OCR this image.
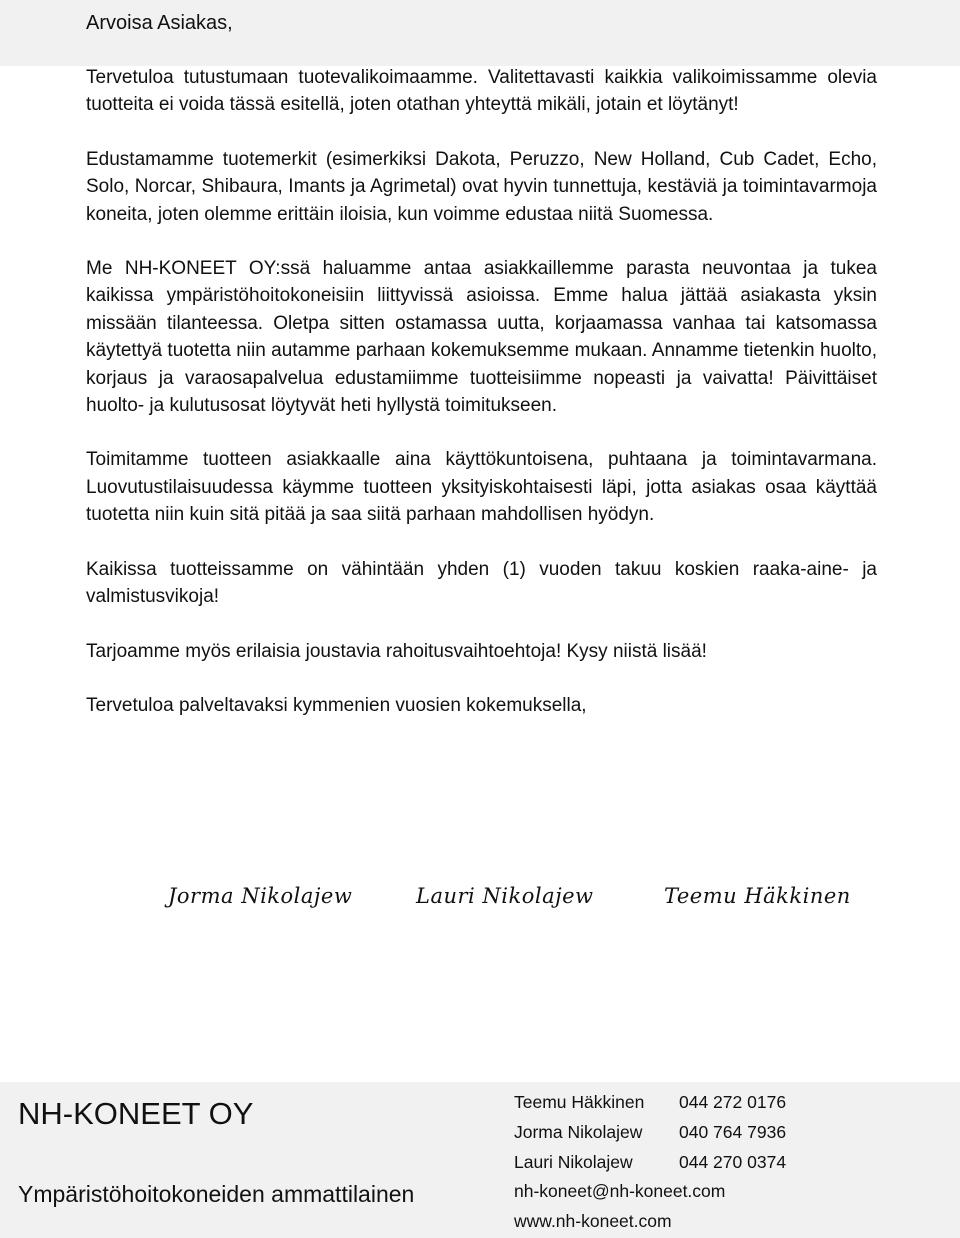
Arvoisa Asiakas,

Tervetuloa tutustumaan tuotevalikoimaamme. Valitettavasti kaikkia valikoimissamme olevia tuotteita ei voida tässä esitellä, joten otathan yhteyttä mikäli, jotain et löytänyt!

Edustamamme tuotemerkit (esimerkiksi Dakota, Peruzzo, New Holland, Cub Cadet, Echo, Solo, Norcar, Shibaura, Imants ja Agrimetal) ovat hyvin tunnettuja, kestäviä ja toimintavarmoja koneita, joten olemme erittäin iloisia, kun voimme edustaa niitä Suomessa.

Me NH-KONEET OY:ssä haluamme antaa asiakkaillemme parasta neuvontaa ja tukea kaikissa ympäristöhoitokoneisiin liittyvissä asioissa. Emme halua jättää asiakasta yksin missään tilanteessa. Oletpa sitten ostamassa uutta, korjaamassa vanhaa tai katsomassa käytettyä tuotetta niin autamme parhaan kokemuksemme mukaan. Annamme tietenkin huolto, korjaus ja varaosapalvelua edustamiimme tuotteisiimme nopeasti ja vaivatta! Päivittäiset huolto- ja kulutusosat löytyvät heti hyllystä toimitukseen.

Toimitamme tuotteen asiakkaalle aina käyttökuntoisena, puhtaana ja toimintavarmana. Luovutustilaisuudessa käymme tuotteen yksityiskohtaisesti läpi, jotta asiakas osaa käyttää tuotetta niin kuin sitä pitää ja saa siitä parhaan mahdollisen hyödyn.

Kaikissa tuotteissamme on vähintään yhden (1) vuoden takuu koskien raaka-aine- ja valmistusvikoja!

Tarjoamme myös erilaisia joustavia rahoitusvaihtoehtoja! Kysy niistä lisää!

Tervetuloa palveltavaksi kymmenien vuosien kokemuksella,

Jorma Nikolajew	Lauri Nikolajew	Teemu Häkkinen
NH-KONEET OY
Ympäristöhoitokoneiden ammattilainen
Teemu Häkkinen 044 272 0176
Jorma Nikolajew 040 764 7936
Lauri Nikolajew	044 270 0374
nh-koneet@nh-koneet.com
www.nh-koneet.com
